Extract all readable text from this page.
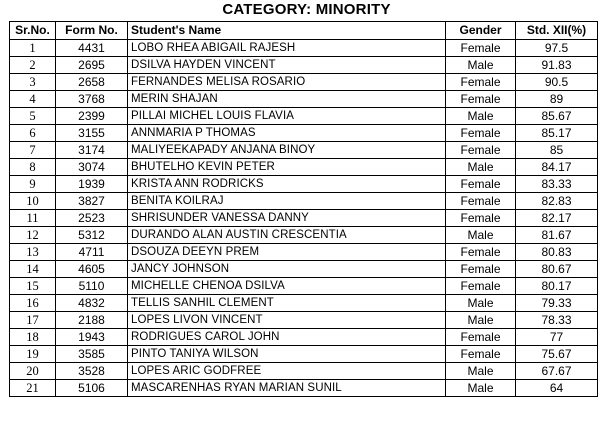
CATEGORY: MINORITY
Sr.No.	Form No.	Student's Name	Gender	Std. XII(%)
1	4431	LOBO RHEA ABIGAIL RAJESH	Female	97.5
2	2695	DSILVA HAYDEN VINCENT	Male	91.83
3	2658	FERNANDES MELISA ROSARIO	Female	90.5
4	3768	MERIN SHAJAN	Female	89
5	2399	PILLAI MICHEL LOUIS FLAVIA	Male	85.67
6	3155	ANNMARIA P THOMAS	Female	85.17
7	3174	MALIYEEKAPADY ANJANA BINOY	Female	85
8	3074	BHUTELHO KEVIN PETER	Male	84.17
9	1939	KRISTA ANN RODRICKS	Female	83.33
10	3827	BENITA KOILRAJ	Female	82.83
11	2523	SHRISUNDER VANESSA DANNY	Female	82.17
12	5312	DURANDO ALAN AUSTIN CRESCENTIA	Male	81.67
13	4711	DSOUZA DEEYN PREM	Female	80.83
14	4605	JANCY JOHNSON	Female	80.67
15	5110	MICHELLE CHENOA DSILVA	Female	80.17
16	4832	TELLIS SANHIL CLEMENT	Male	79.33
17	2188	LOPES LIVON VINCENT	Male	78.33
18	1943	RODRIGUES CAROL JOHN	Female	77
19	3585	PINTO TANIYA WILSON	Female	75.67
20	3528	LOPES ARIC GODFREE	Male	67.67
21	5106	MASCARENHAS RYAN MARIAN SUNIL	Male	64
